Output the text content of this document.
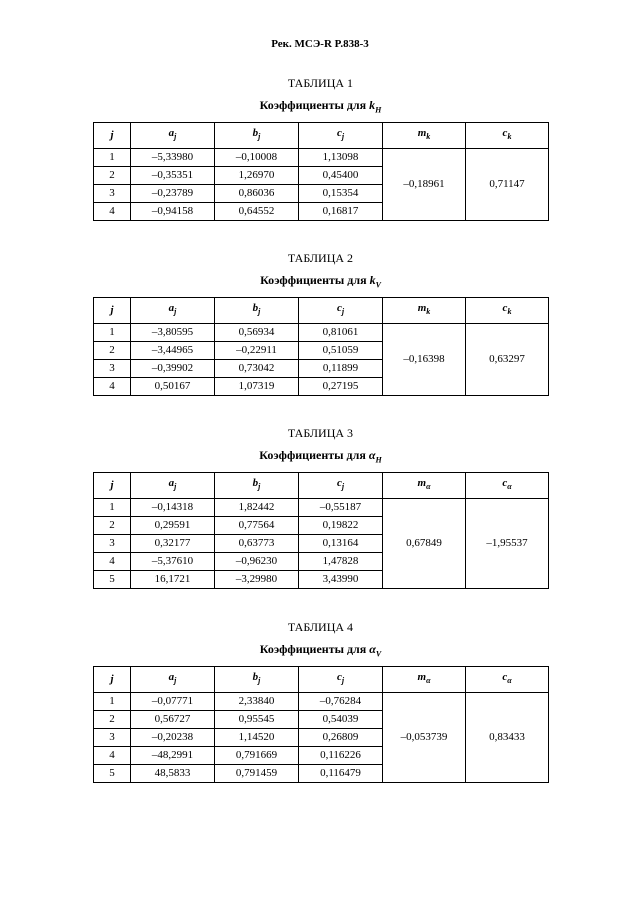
Рек. МСЭ-R P.838-3
ТАБЛИЦА 1
Коэффициенты для $k_H$
j	$a_j$	$b_j$	$c_j$	$m_k$	$c_k$
1	–5,33980	–0,10008	1,13098	–0,18961	0,71147
2	–0,35351	1,26970	0,45400		
3	–0,23789	0,86036	0,15354		
4	–0,94158	0,64552	0,16817		
ТАБЛИЦА 2
Коэффициенты для $k_V$
j	$a_j$	$b_j$	$c_j$	$m_k$	$c_k$
1	–3,80595	0,56934	0,81061	–0,16398	0,63297
2	–3,44965	–0,22911	0,51059		
3	–0,39902	0,73042	0,11899		
4	0,50167	1,07319	0,27195		
ТАБЛИЦА 3
Коэффициенты для $\alpha_H$
j	$a_j$	$b_j$	$c_j$	$m_\alpha$	$c_\alpha$
1	–0,14318	1,82442	–0,55187	0,67849	–1,95537
2	0,29591	0,77564	0,19822		
3	0,32177	0,63773	0,13164		
4	–5,37610	–0,96230	1,47828		
5	16,1721	–3,29980	3,43990		
ТАБЛИЦА 4
Коэффициенты для $\alpha_V$
j	$a_j$	$b_j$	$c_j$	$m_\alpha$	$c_\alpha$
1	–0,07771	2,33840	–0,76284	–0,053739	0,83433
2	0,56727	0,95545	0,54039		
3	–0,20238	1,14520	0,26809		
4	–48,2991	0,791669	0,116226		
5	48,5833	0,791459	0,116479		
